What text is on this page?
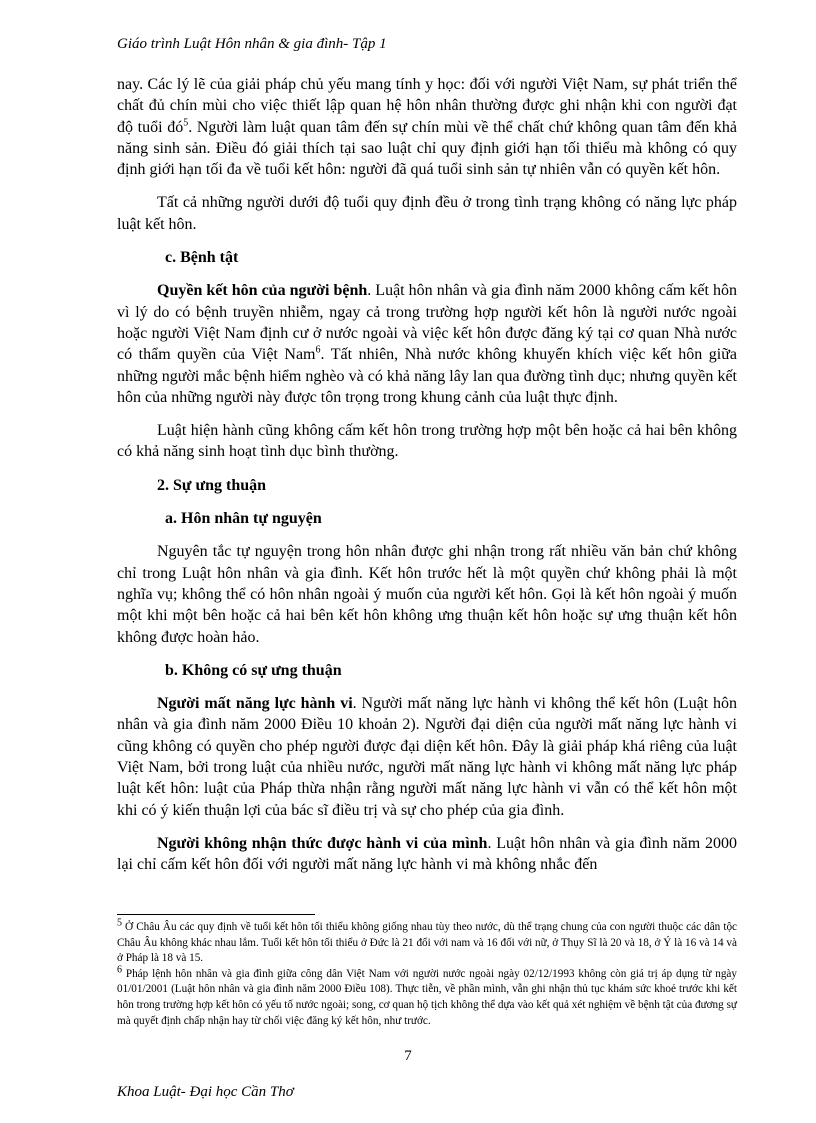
Giáo trình Luật Hôn nhân & gia đình- Tập 1

nay. Các lý lẽ của giải pháp chủ yếu mang tính y học: đối với người Việt Nam, sự phát triển thể chất đủ chín mùi cho việc thiết lập quan hệ hôn nhân thường được ghi nhận khi con người đạt độ tuổi $đó^5$. Người làm luật quan tâm đến sự chín mùi về thể chất chứ không quan tâm đến khả năng sinh sản. Điều đó giải thích tại sao luật chỉ quy định giới hạn tối thiểu mà không có quy định giới hạn tối đa về tuổi kết hôn: người đã quá tuổi sinh sản tự nhiên vẫn có quyền kết hôn.

Tất cả những người dưới độ tuổi quy định đều ở trong tình trạng không có năng lực pháp luật kết hôn.

c. Bệnh tật

Quyền kết hôn của người bệnh. Luật hôn nhân và gia đình năm 2000 không cấm kết hôn vì lý do có bệnh truyền nhiễm, ngay cả trong trường hợp người kết hôn là người nước ngoài hoặc người Việt Nam định cư ở nước ngoài và việc kết hôn được đăng ký tại cơ quan Nhà nước có thẩm quyền của Việt Nam$^6$. Tất nhiên, Nhà nước không khuyến khích việc kết hôn giữa những người mắc bệnh hiểm nghèo và có khả năng lây lan qua đường tình dục; nhưng quyền kết hôn của những người này được tôn trọng trong khung cảnh của luật thực định.

Luật hiện hành cũng không cấm kết hôn trong trường hợp một bên hoặc cả hai bên không có khả năng sinh hoạt tình dục bình thường.

2. Sự ưng thuận
a. Hôn nhân tự nguyện

Nguyên tắc tự nguyện trong hôn nhân được ghi nhận trong rất nhiều văn bản chứ không chỉ trong Luật hôn nhân và gia đình. Kết hôn trước hết là một quyền chứ không phải là một nghĩa vụ; không thể có hôn nhân ngoài ý muốn của người kết hôn. Gọi là kết hôn ngoài ý muốn một khi một bên hoặc cả hai bên kết hôn không ưng thuận kết hôn hoặc sự ưng thuận kết hôn không được hoàn hảo.

b. Không có sự ưng thuận

Người mất năng lực hành vi. Người mất năng lực hành vi không thể kết hôn (Luật hôn nhân và gia đình năm 2000 Điều 10 khoản 2). Người đại diện của người mất năng lực hành vi cũng không có quyền cho phép người được đại diện kết hôn. Đây là giải pháp khá riêng của luật Việt Nam, bởi trong luật của nhiều nước, người mất năng lực hành vi không mất năng lực pháp luật kết hôn: luật của Pháp thừa nhận rằng người mất năng lực hành vi vẫn có thể kết hôn một khi có ý kiến thuận lợi của bác sĩ điều trị và sự cho phép của gia đình.

Người không nhận thức được hành vi của mình. Luật hôn nhân và gia đình năm 2000 lại chỉ cấm kết hôn đối với người mất năng lực hành vi mà không nhắc đến

$^5$ Ở Châu Âu các quy định về tuổi kết hôn tối thiểu không giống nhau tùy theo nước, dù thể trạng chung của con người thuộc các dân tộc Châu Âu không khác nhau lắm. Tuổi kết hôn tối thiểu ở Đức là 21 đối với nam và 16 đối với nữ, ở Thụy Sĩ là 20 và 18, ở Ý là 16 và 14 và ở Pháp là 18 và 15.

$^6$ Pháp lệnh hôn nhân và gia đình giữa công dân Việt Nam với người nước ngoài ngày 02/12/1993 không còn giá trị áp dụng từ ngày 01/01/2001 (Luật hôn nhân và gia đình năm 2000 Điều 108). Thực tiễn, về phần mình, vẫn ghi nhận thủ tục khám sức khoẻ trước khi kết hôn trong trường hợp kết hôn có yếu tố nước ngoài; song, cơ quan hộ tịch không thể dựa vào kết quả xét nghiệm về bệnh tật của đương sự mà quyết định chấp nhận hay từ chối việc đăng ký kết hôn, như trước.

7
Khoa Luật- Đại học Cần Thơ
